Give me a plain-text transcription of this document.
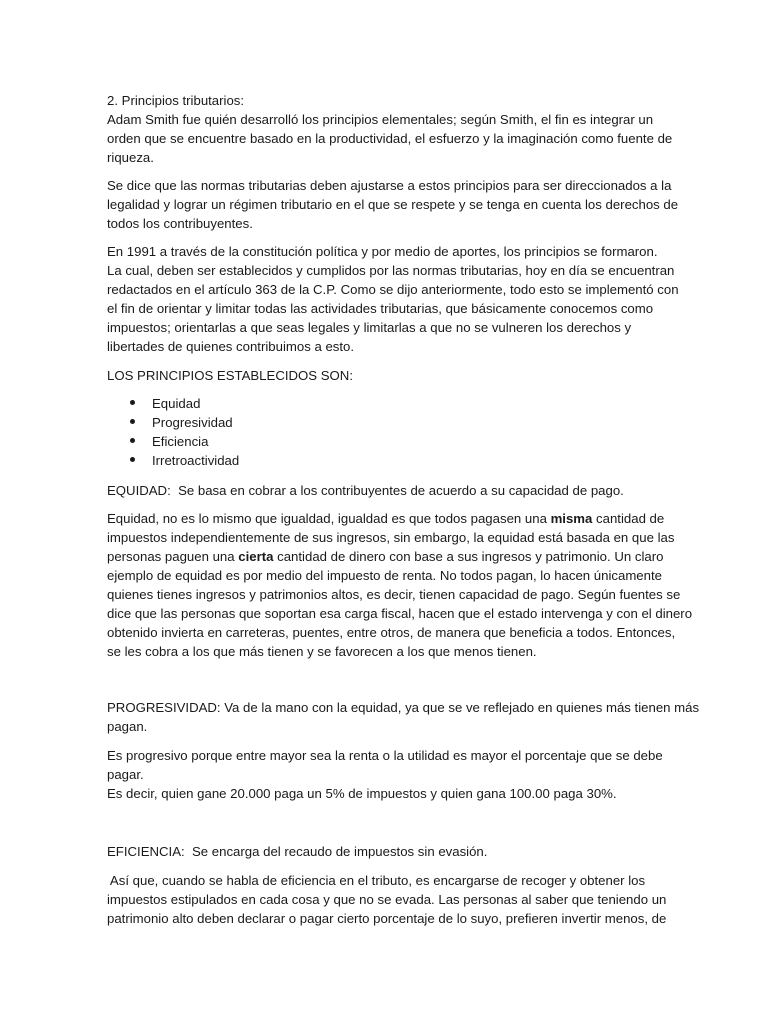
2. Principios tributarios:
Adam Smith fue quién desarrolló los principios elementales; según Smith, el fin es integrar un
orden que se encuentre basado en la productividad, el esfuerzo y la imaginación como fuente de
riqueza.

Se dice que las normas tributarias deben ajustarse a estos principios para ser direccionados a la
legalidad y lograr un régimen tributario en el que se respete y se tenga en cuenta los derechos de
todos los contribuyentes.

En 1991 a través de la constitución política y por medio de aportes, los principios se formaron.
La cual, deben ser establecidos y cumplidos por las normas tributarias, hoy en día se encuentran
redactados en el artículo 363 de la C.P. Como se dijo anteriormente, todo esto se implementó con
el fin de orientar y limitar todas las actividades tributarias, que básicamente conocemos como
impuestos; orientarlas a que seas legales y limitarlas a que no se vulneren los derechos y
libertades de quienes contribuimos a esto.

LOS PRINCIPIOS ESTABLECIDOS SON:

Equidad

Progresividad

Eficiencia

Irretroactividad

EQUIDAD:  Se basa en cobrar a los contribuyentes de acuerdo a su capacidad de pago.

Equidad, no es lo mismo que igualdad, igualdad es que todos pagasen una misma cantidad de

impuestos independientemente de sus ingresos, sin embargo, la equidad está basada en que las

personas paguen una cierta cantidad de dinero con base a sus ingresos y patrimonio. Un claro

ejemplo de equidad es por medio del impuesto de renta. No todos pagan, lo hacen únicamente
quienes tienes ingresos y patrimonios altos, es decir, tienen capacidad de pago. Según fuentes se
dice que las personas que soportan esa carga fiscal, hacen que el estado intervenga y con el dinero
obtenido invierta en carreteras, puentes, entre otros, de manera que beneficia a todos. Entonces,
se les cobra a los que más tienen y se favorecen a los que menos tienen.

PROGRESIVIDAD: Va de la mano con la equidad, ya que se ve reflejado en quienes más tienen más
pagan.

Es progresivo porque entre mayor sea la renta o la utilidad es mayor el porcentaje que se debe
pagar.
Es decir, quien gane 20.000 paga un 5% de impuestos y quien gana 100.00 paga 30%.

EFICIENCIA:  Se encarga del recaudo de impuestos sin evasión.

Así que, cuando se habla de eficiencia en el tributo, es encargarse de recoger y obtener los
impuestos estipulados en cada cosa y que no se evada. Las personas al saber que teniendo un
patrimonio alto deben declarar o pagar cierto porcentaje de lo suyo, prefieren invertir menos, de
